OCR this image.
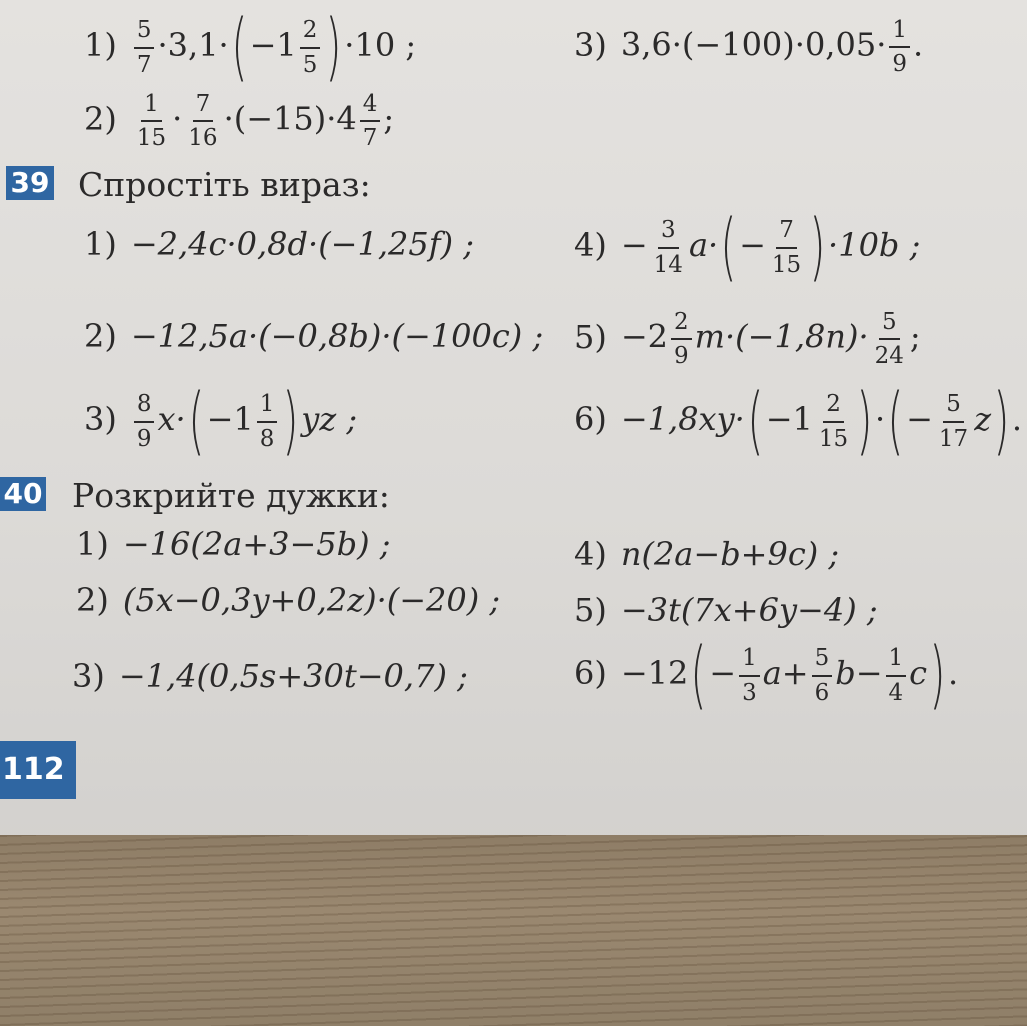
$1) \frac{5}{7} \cdot 3,1\cdot(-1 \frac{2}{5} )\cdot 10$ ;	3) $3,6\cdot(-100)\cdot 0,05\cdot \frac{1}{9}$ .
$2) \frac{1}{15} \cdot \frac{7}{16} \cdot(-15)\cdot 4 \frac{4}{7}$ ;
39 Спростіть вираз:
1) −2,4c·0,8d·(−1,25f) ;	$4) - \frac{3}{14} a\cdot(- \frac{7}{15} )\cdot 10b$ ;
2) −12,5a·(−0,8b)·(−100c) ; $5) -2 \frac{2}{9} m\cdot(-1,8n)\cdot \frac{5}{24}$ ;
$3) \frac{8}{9} x\cdot(-1 \frac{1}{8} )yz$ ;	$6) -1,8xy\cdot(-1 \frac{2}{15}$ )·(− $\frac{5}{17} z$).
40 Розкрийте дужки:
1) −16(2a+3−5b) ;	4) n(2a−b+9c) ;
2) (5x−0,3y+0,2z)·(−20) ; 5) −3t(7x+6y−4) ;
3) −1,4(0,5s+30t−0,7) ;	$6) -12(- \frac{1}{3} a+ \frac{5}{6} b- \frac{1}{4} c)$.
112
